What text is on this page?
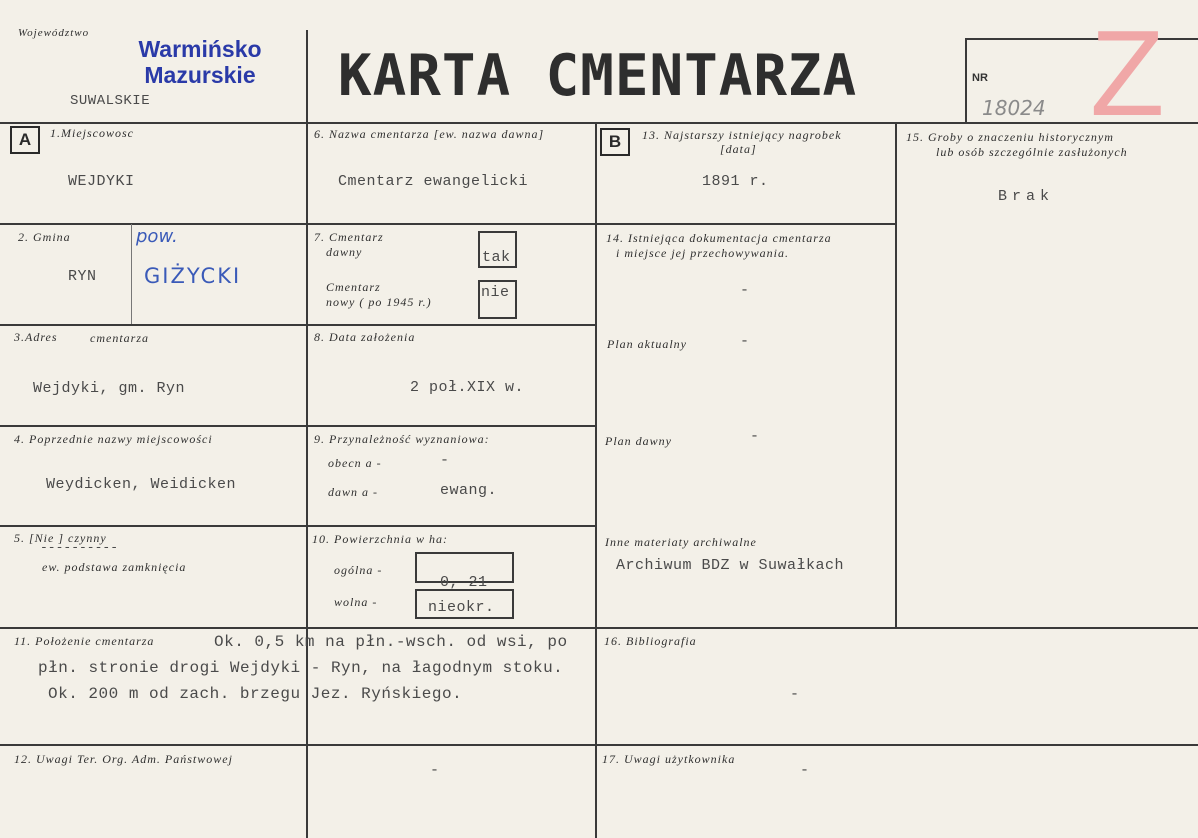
Województwo
Warmińsko
Mazurskie
SUWALSKIE	KARTA CMENTARZA	NR
18024 Z
A	1.Miejscowosc
WEJDYKI
6. Nazwa cmentarza [ew. nazwa dawna]
Cmentarz ewangelicki
B	13. Najstarszy istniejący nagrobek
[data]
1891 r.
15. Groby o znaczeniu historycznym
lub osób szczególnie zasłużonych
Brak
2. Gmina
RYN
pow.
GIŻYCKI
7. Cmentarz
dawny	tak
Cmentarz
nowy ( po 1945 r.)
nie
14. Istniejąca dokumentacja cmentarza
i miejsce jej przechowywania.
-
Plan aktualny	-
Plan dawny	-
Inne materiaty archiwalne
Archiwum BDZ w Suwałkach
3.Adres	cmentarza
Wejdyki, gm. Ryn
8. Data założenia
2 poł.XIX w.
4. Poprzednie nazwy miejscowości
Weydicken, Weidicken
9. Przynależność wyznaniowa:
obecn a -	-
dawn a -	ewang.
5. [Nie ] czynny
----------
ew. podstawa zamknięcia
10. Powierzchnia w ha:
ogólna -
0, 21
wolna -	nieokr.
11. Położenie cmentarza	Ok. 0,5 km na płn.-wsch. od wsi, po
płn. stronie drogi Wejdyki - Ryn, na łagodnym stoku.
Ok. 200 m od zach. brzegu Jez. Ryńskiego.
16. Bibliografia
-
12. Uwagi Ter. Org. Adm. Państwowej
-
17. Uwagi użytkownika
-
